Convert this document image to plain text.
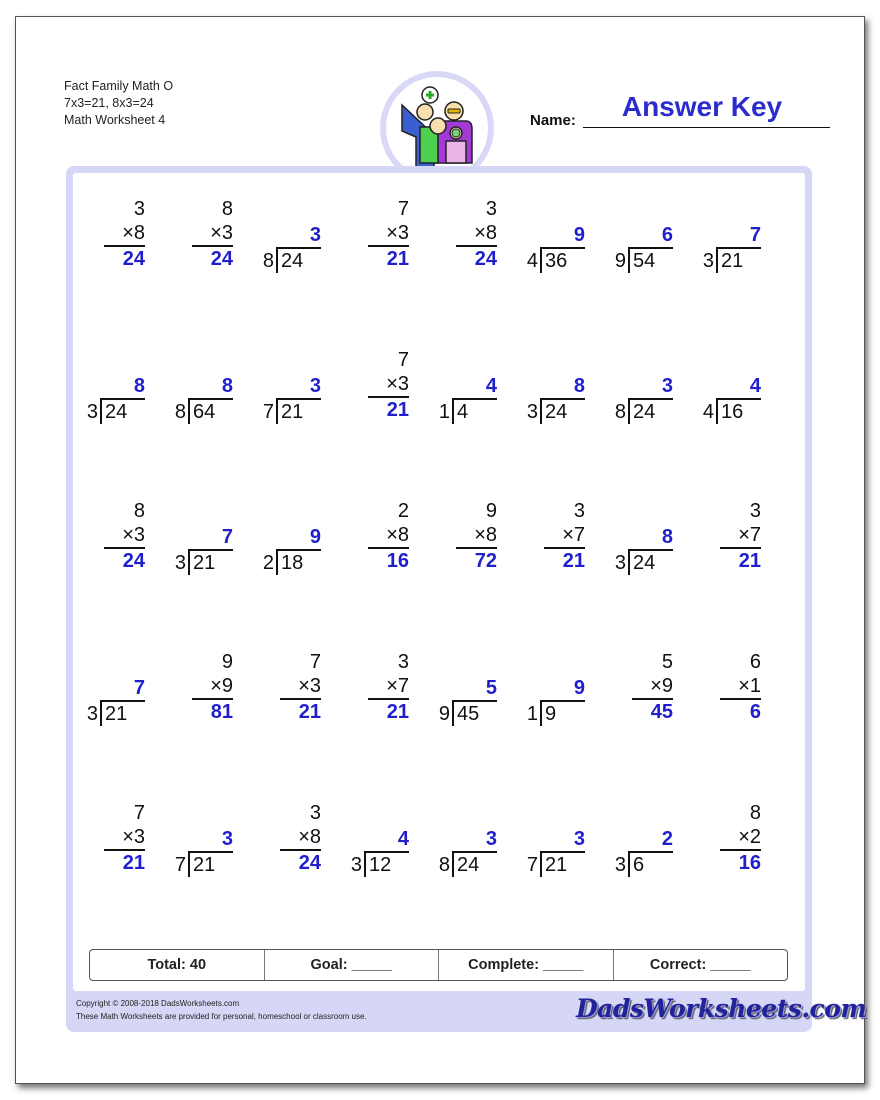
Fact Family Math O
7x3=21, 8x3=24
Math Worksheet 4	Name:	Answer Key
3
×8
24
8
×3
24
3
8 24
7
×3
21
3
×8
24
9
4 36
6
9 54
7
3 21
8
3 24
8
8 64
3
7 21
7
×3
21
4
1 4
8
3 24
3
8 24
4
4 16
8
×3
24
7
3 21
9
2 18
2
×8
16
9
×8
72
3
×7
21
8
3 24
3
×7
21
7
3 21
9
×9
81
7
×3
21
3
×7
21
5
9 45
9
1 9
5
×9
45
6
×1
6
7
×3
21
3
7 21
3
×8
24
4
3 12
3
8 24
3
7 21
2
3 6
8
×2
16
Total: 40	Goal: _____	Complete: _____	Correct: _____
Copyright © 2008-2018 DadsWorksheets.com
These Math Worksheets are provided for personal, homeschool or classroom use.	DadsWorksheets.com
